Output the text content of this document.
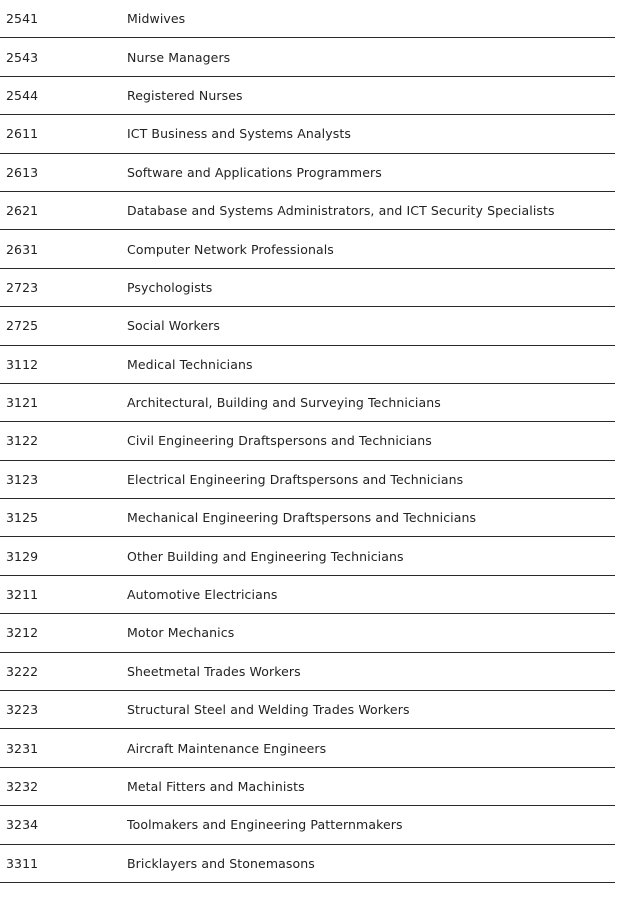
2541	Midwives
2543	Nurse Managers
2544	Registered Nurses
2611	ICT Business and Systems Analysts
2613	Software and Applications Programmers
2621	Database and Systems Administrators, and ICT Security Specialists
2631	Computer Network Professionals
2723	Psychologists
2725	Social Workers
3112	Medical Technicians
3121	Architectural, Building and Surveying Technicians
3122	Civil Engineering Draftspersons and Technicians
3123	Electrical Engineering Draftspersons and Technicians
3125	Mechanical Engineering Draftspersons and Technicians
3129	Other Building and Engineering Technicians
3211	Automotive Electricians
3212	Motor Mechanics
3222	Sheetmetal Trades Workers
3223	Structural Steel and Welding Trades Workers
3231	Aircraft Maintenance Engineers
3232	Metal Fitters and Machinists
3234	Toolmakers and Engineering Patternmakers
3311	Bricklayers and Stonemasons
